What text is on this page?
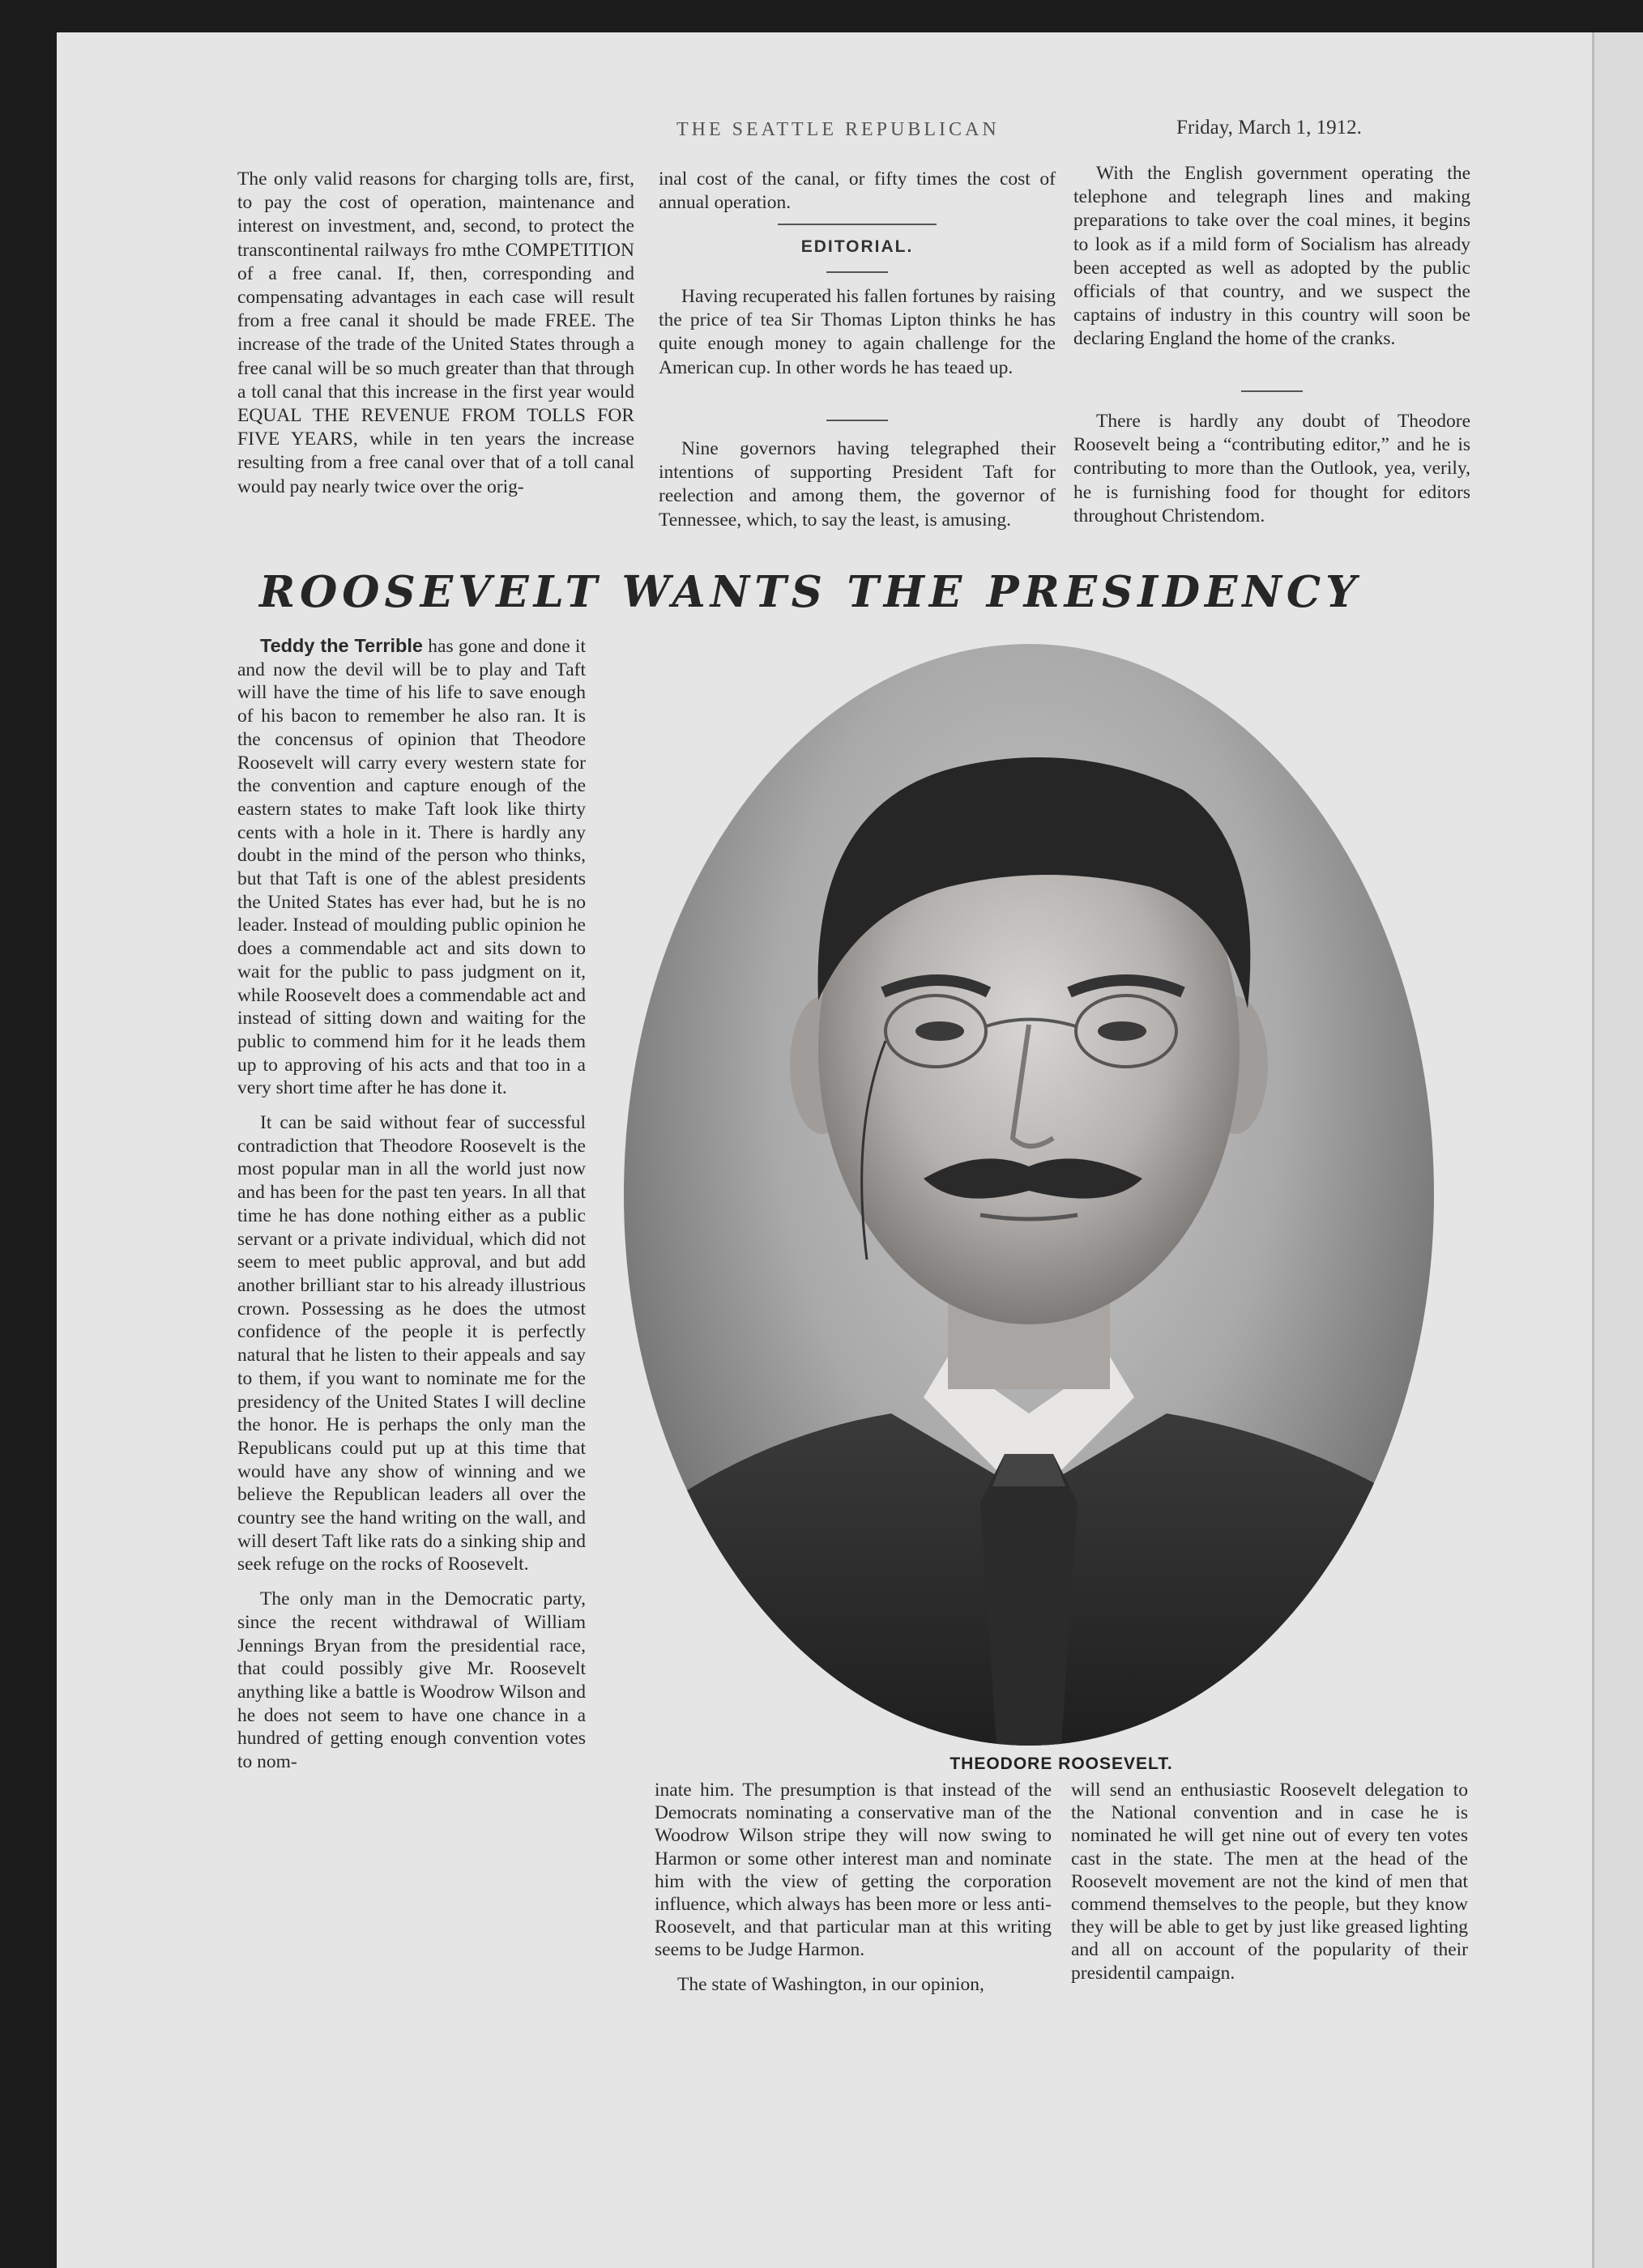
THE SEATTLE REPUBLICAN	Friday, March 1, 1912.

The only valid reasons for charging tolls are, first, to pay the cost of operation, maintenance and interest on investment, and, second, to protect the transcontinental railways fro mthe COMPETITION of a free canal. If, then, corresponding and compensating advantages in each case will result from a free canal it should be made FREE. The increase of the trade of the United States through a free canal will be so much greater than that through a toll canal that this increase in the first year would EQUAL THE REVENUE FROM TOLLS FOR FIVE YEARS, while in ten years the increase resulting from a free canal over that of a toll canal would pay nearly twice over the orig-

inal cost of the canal, or fifty times the cost of annual operation.

EDITORIAL.

Having recuperated his fallen fortunes by raising the price of tea Sir Thomas Lipton thinks he has quite enough money to again challenge for the American cup. In other words he has teaed up.

Nine governors having telegraphed their intentions of supporting President Taft for reelection and among them, the governor of Tennessee, which, to say the least, is amusing.

With the English government operating the telephone and telegraph lines and making preparations to take over the coal mines, it begins to look as if a mild form of Socialism has already been accepted as well as adopted by the public officials of that country, and we suspect the captains of industry in this country will soon be declaring England the home of the cranks.

There is hardly any doubt of Theodore Roosevelt being a “contributing editor,” and he is contributing to more than the Outlook, yea, verily, he is furnishing food for thought for editors throughout Christendom.

ROOSEVELT WANTS THE PRESIDENCY

Teddy the Terrible has gone and done it and now the devil will be to play and Taft will have the time of his life to save enough of his bacon to remember he also ran. It is the concensus of opinion that Theodore Roosevelt will carry every western state for the convention and capture enough of the eastern states to make Taft look like thirty cents with a hole in it. There is hardly any doubt in the mind of the person who thinks, but that Taft is one of the ablest presidents the United States has ever had, but he is no leader. Instead of moulding public opinion he does a commendable act and sits down to wait for the public to pass judgment on it, while Roosevelt does a commendable act and instead of sitting down and waiting for the public to commend him for it he leads them up to approving of his acts and that too in a very short time after he has done it.

It can be said without fear of successful contradiction that Theodore Roosevelt is the most popular man in all the world just now and has been for the past ten years. In all that time he has done nothing either as a public servant or a private individual, which did not seem to meet public approval, and but add another brilliant star to his already illustrious crown. Possessing as he does the utmost confidence of the people it is perfectly natural that he listen to their appeals and say to them, if you want to nominate me for the presidency of the United States I will decline the honor. He is perhaps the only man the Republicans could put up at this time that would have any show of winning and we believe the Republican leaders all over the country see the hand writing on the wall, and will desert Taft like rats do a sinking ship and seek refuge on the rocks of Roosevelt.

The only man in the Democratic party, since the recent withdrawal of William Jennings Bryan from the presidential race, that could possibly give Mr. Roosevelt anything like a battle is Woodrow Wilson and he does not seem to have one chance in a hundred of getting enough convention votes to nom-	THEODORE ROOSEVELT.

inate him. The presumption is that instead of the Democrats nominating a conservative man of the Woodrow Wilson stripe they will now swing to Harmon or some other interest man and nominate him with the view of getting the corporation influence, which always has been more or less anti-Roosevelt, and that particular man at this writing seems to be Judge Harmon.

The state of Washington, in our opinion,

will send an enthusiastic Roosevelt delegation to the National convention and in case he is nominated he will get nine out of every ten votes cast in the state. The men at the head of the Roosevelt movement are not the kind of men that commend themselves to the people, but they know they will be able to get by just like greased lighting and all on account of the popularity of their presidentil campaign.
